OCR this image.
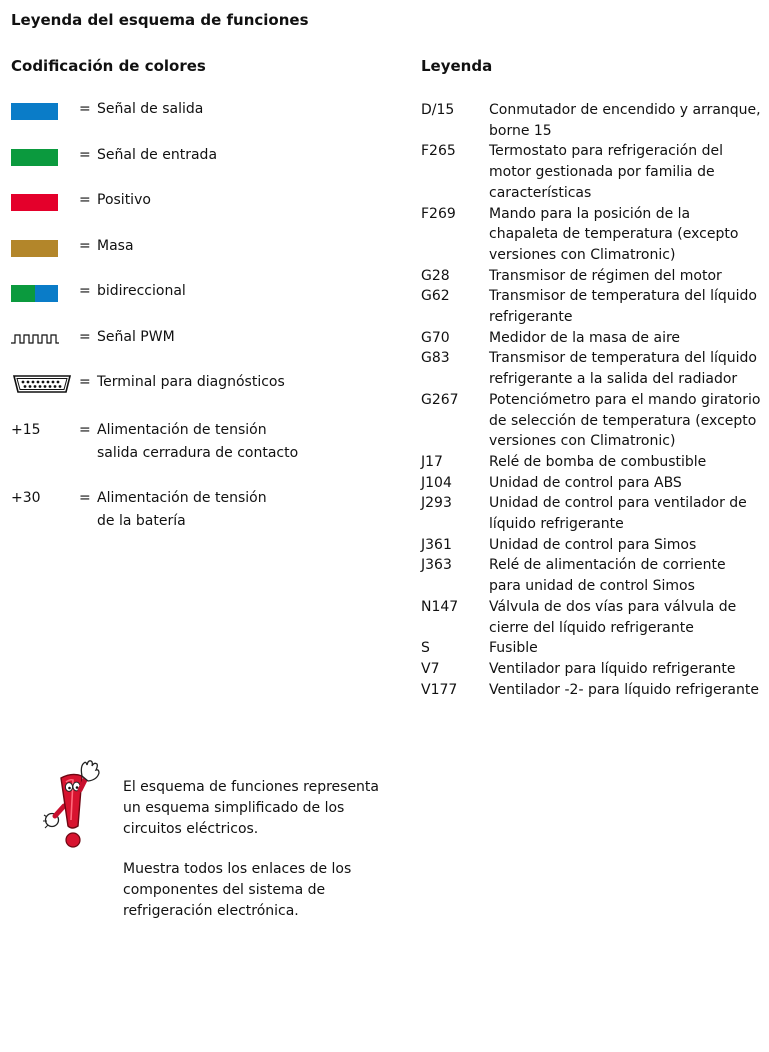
Leyenda del esquema de funciones
Codificación de colores	Leyenda
= Señal de salida
= Señal de entrada
= Positivo
= Masa
= bidireccional
= Señal PWM
= Terminal para diagnósticos
+15	= Alimentación de tensión
salida cerradura de contacto
+30	= Alimentación de tensión
de la batería
D/15	Conmutador de encendido y arranque, borne 15
F265	Termostato para refrigeración del motor gestionada por familia de características
F269	Mando para la posición de la chapaleta de temperatura (excepto versiones con Climatronic)
G28	Transmisor de régimen del motor
G62	Transmisor de temperatura del líquido refrigerante
G70	Medidor de la masa de aire
G83	Transmisor de temperatura del líquido refrigerante a la salida del radiador
G267	Potenciómetro para el mando giratorio de selección de temperatura (excepto versiones con Climatronic)
J17	Relé de bomba de combustible
J104	Unidad de control para ABS
J293	Unidad de control para ventilador de líquido refrigerante
J361	Unidad de control para Simos
J363	Relé de alimentación de corriente para unidad de control Simos
N147	Válvula de dos vías para válvula de cierre del líquido refrigerante
S	Fusible
V7	Ventilador para líquido refrigerante
V177	Ventilador -2- para líquido refrigerante

El esquema de funciones representa un esquema simplificado de los circuitos eléctricos.

Muestra todos los enlaces de los componentes del sistema de refrigeración electrónica.
